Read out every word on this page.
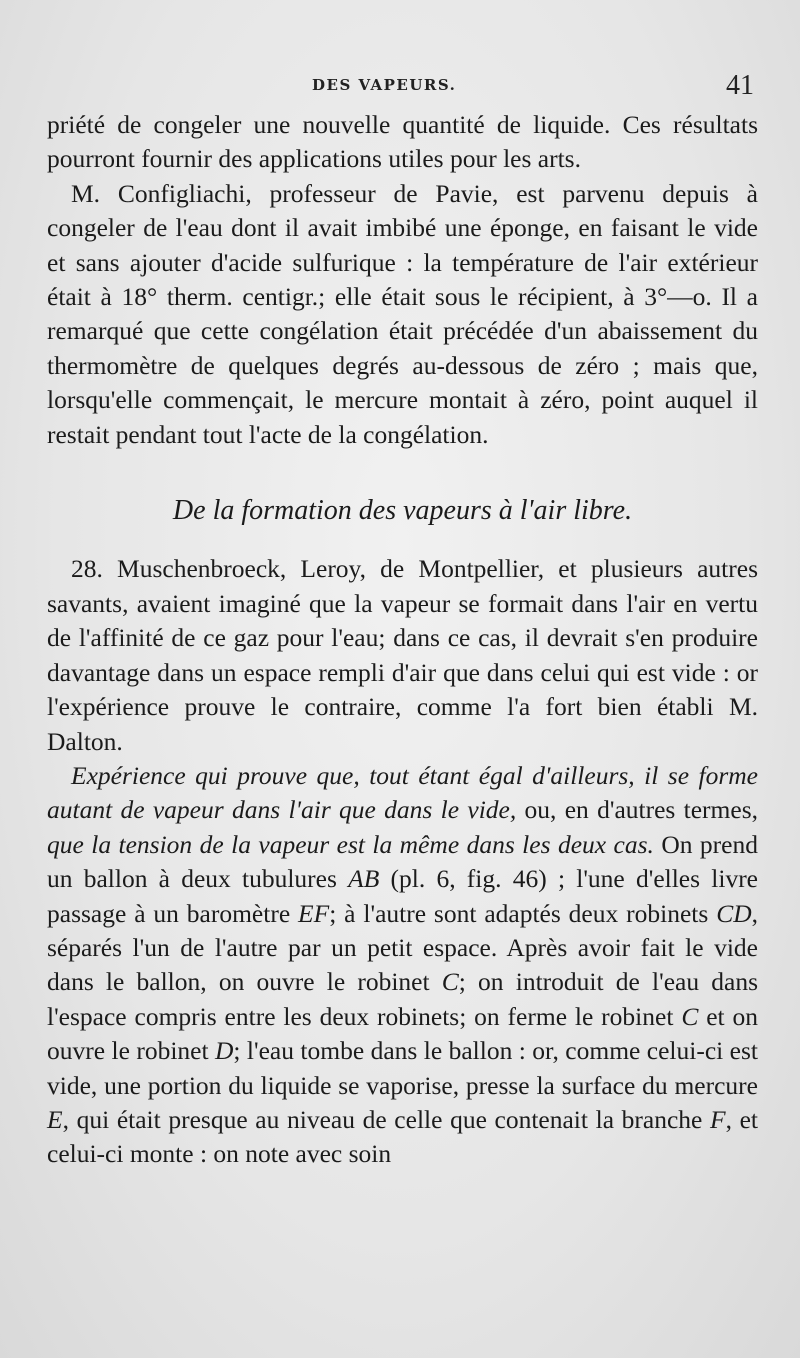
DES VAPEURS.	41

priété de congeler une nouvelle quantité de liquide. Ces résultats pourront fournir des applications utiles pour les arts.

M. Configliachi, professeur de Pavie, est parvenu depuis à congeler de l'eau dont il avait imbibé une éponge, en faisant le vide et sans ajouter d'acide sulfurique : la température de l'air extérieur était à 18° therm. centigr.; elle était sous le récipient, à 3°—o. Il a remarqué que cette congélation était précédée d'un abaissement du thermomètre de quelques degrés au-dessous de zéro ; mais que, lorsqu'elle commençait, le mercure montait à zéro, point auquel il restait pendant tout l'acte de la congélation.

De la formation des vapeurs à l'air libre.

28. Muschenbroeck, Leroy, de Montpellier, et plusieurs autres savants, avaient imaginé que la vapeur se formait dans l'air en vertu de l'affinité de ce gaz pour l'eau; dans ce cas, il devrait s'en produire davantage dans un espace rempli d'air que dans celui qui est vide : or l'expérience prouve le contraire, comme l'a fort bien établi M. Dalton.

Expérience qui prouve que, tout étant égal d'ailleurs, il se forme autant de vapeur dans l'air que dans le vide, ou, en d'autres termes, que la tension de la vapeur est la même dans les deux cas. On prend un ballon à deux tubulures AB (pl. 6, fig. 46) ; l'une d'elles livre passage à un baromètre EF; à l'autre sont adaptés deux robinets CD, séparés l'un de l'autre par un petit espace. Après avoir fait le vide dans le ballon, on ouvre le robinet C; on introduit de l'eau dans l'espace compris entre les deux robinets; on ferme le robinet C et on ouvre le robinet D; l'eau tombe dans le ballon : or, comme celui-ci est vide, une portion du liquide se vaporise, presse la surface du mercure E, qui était presque au niveau de celle que contenait la branche F, et celui-ci monte : on note avec soin
